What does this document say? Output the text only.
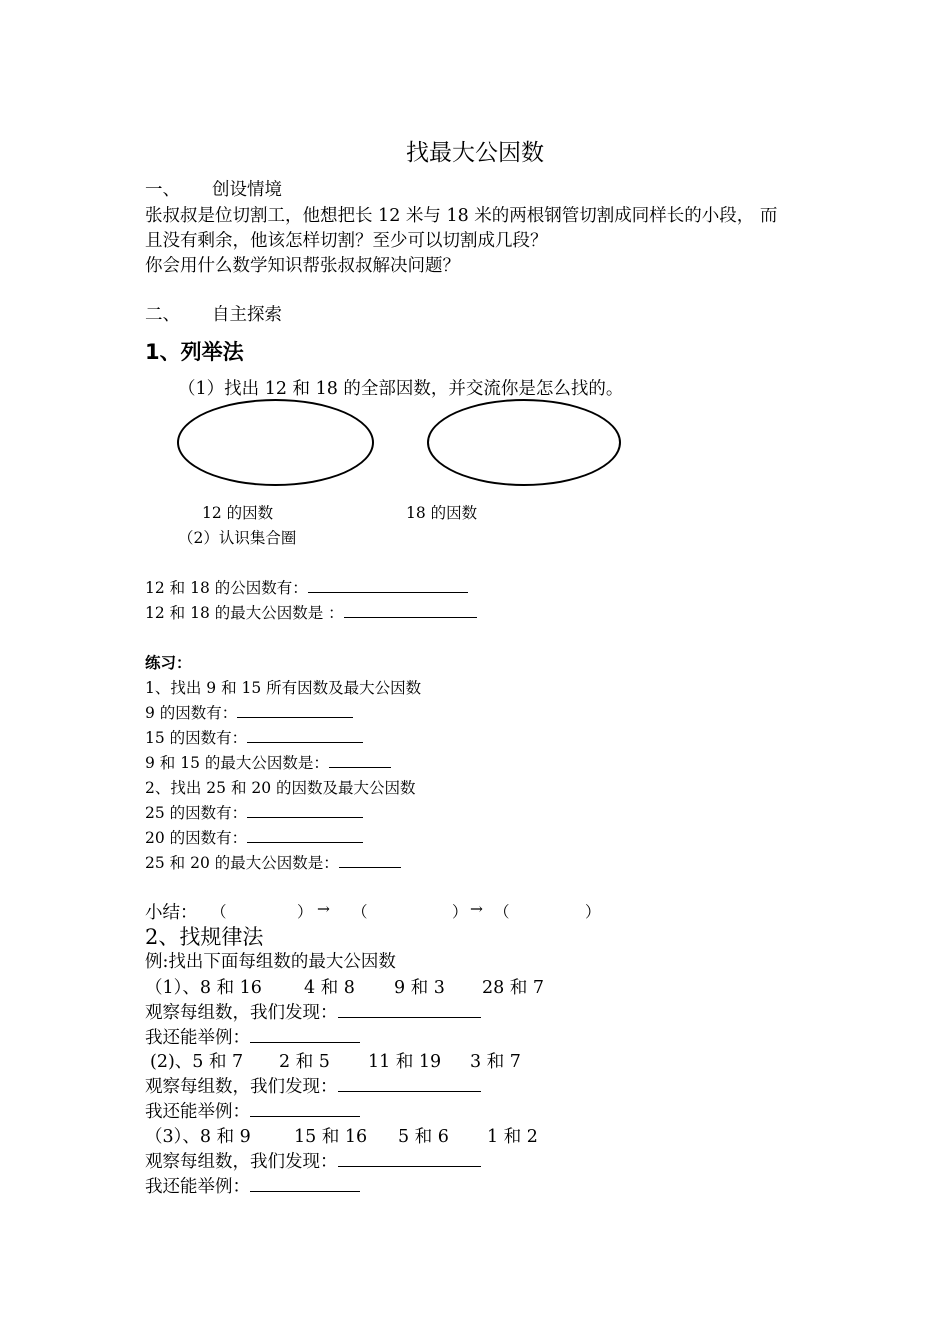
找最大公因数
一、 创设情境
张叔叔是位切割工，他想把长 12 米与 18 米的两根钢管切割成同样长的小段， 而
且没有剩余，他该怎样切割？至少可以切割成几段？
你会用什么数学知识帮张叔叔解决问题？
二、 自主探索
1、列举法
（1）找出 12 和 18 的全部因数，并交流你是怎么找的。
12 的因数	18 的因数
（2）认识集合圈
12 和 18 的公因数有：
12 和 18 的最大公因数是 ：
练习：
1、找出 9 和 15 所有因数及最大公因数
9 的因数有：
15 的因数有：
9 和 15 的最大公因数是：
2、找出 25 和 20 的因数及最大公因数
25 的因数有：
20 的因数有：
25 和 20 的最大公因数是：
小结： （	） → （	） → （	）
2、找规律法
例:找出下面每组数的最大公因数
（1）、8 和 16 4 和 8 9 和 3 28 和 7
观察每组数，我们发现：
我还能举例：
(2)、5 和 7 2 和 5 11 和 19 3 和 7
观察每组数，我们发现：
我还能举例：
（3）、8 和 9 15 和 16 5 和 6 1 和 2
观察每组数，我们发现：
我还能举例：
